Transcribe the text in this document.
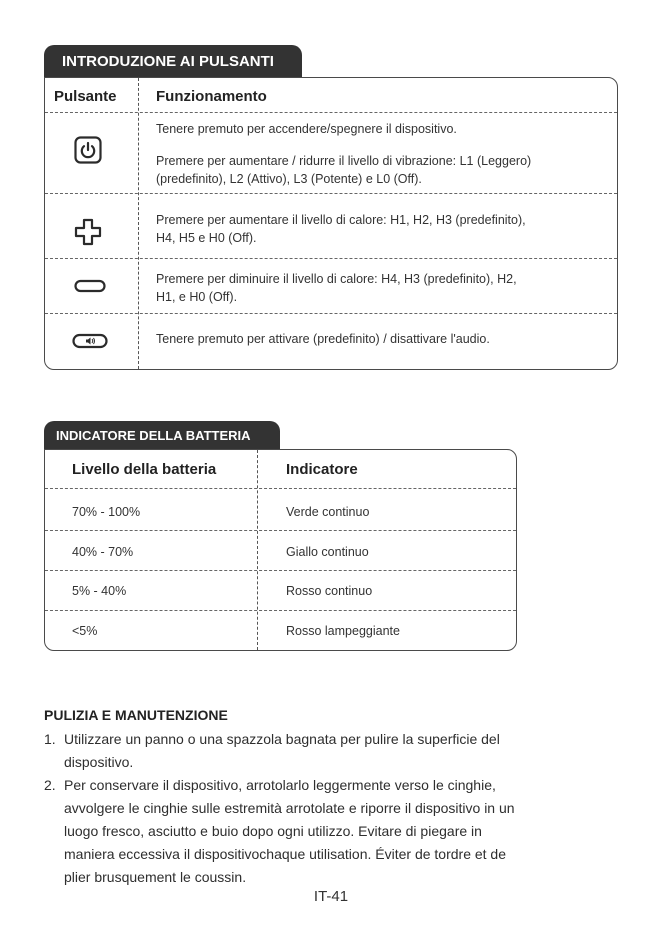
INTRODUZIONE AI PULSANTI
Pulsante	Funzionamento
Tenere premuto per accendere/spegnere il dispositivo.
Premere per aumentare / ridurre il livello di vibrazione: L1 (Leggero)
(predefinito), L2 (Attivo), L3 (Potente) e L0 (Off).
Premere per aumentare il livello di calore: H1, H2, H3 (predefinito),
H4, H5 e H0 (Off).
Premere per diminuire il livello di calore: H4, H3 (predefinito), H2,
H1, e H0 (Off).
Tenere premuto per attivare (predefinito) / disattivare l'audio.
INDICATORE DELLA BATTERIA
Livello della batteria	Indicatore
70% - 100%	Verde continuo
40% - 70%	Giallo continuo
5% - 40%	Rosso continuo
<5%	Rosso lampeggiante
PULIZIA E MANUTENZIONE
1. Utilizzare un panno o una spazzola bagnata per pulire la superficie del
dispositivo.
2. Per conservare il dispositivo, arrotolarlo leggermente verso le cinghie,
avvolgere le cinghie sulle estremità arrotolate e riporre il dispositivo in un
luogo fresco, asciutto e buio dopo ogni utilizzo. Evitare di piegare in
maniera eccessiva il dispositivochaque utilisation. Éviter de tordre et de
plier brusquement le coussin.
IT-41
